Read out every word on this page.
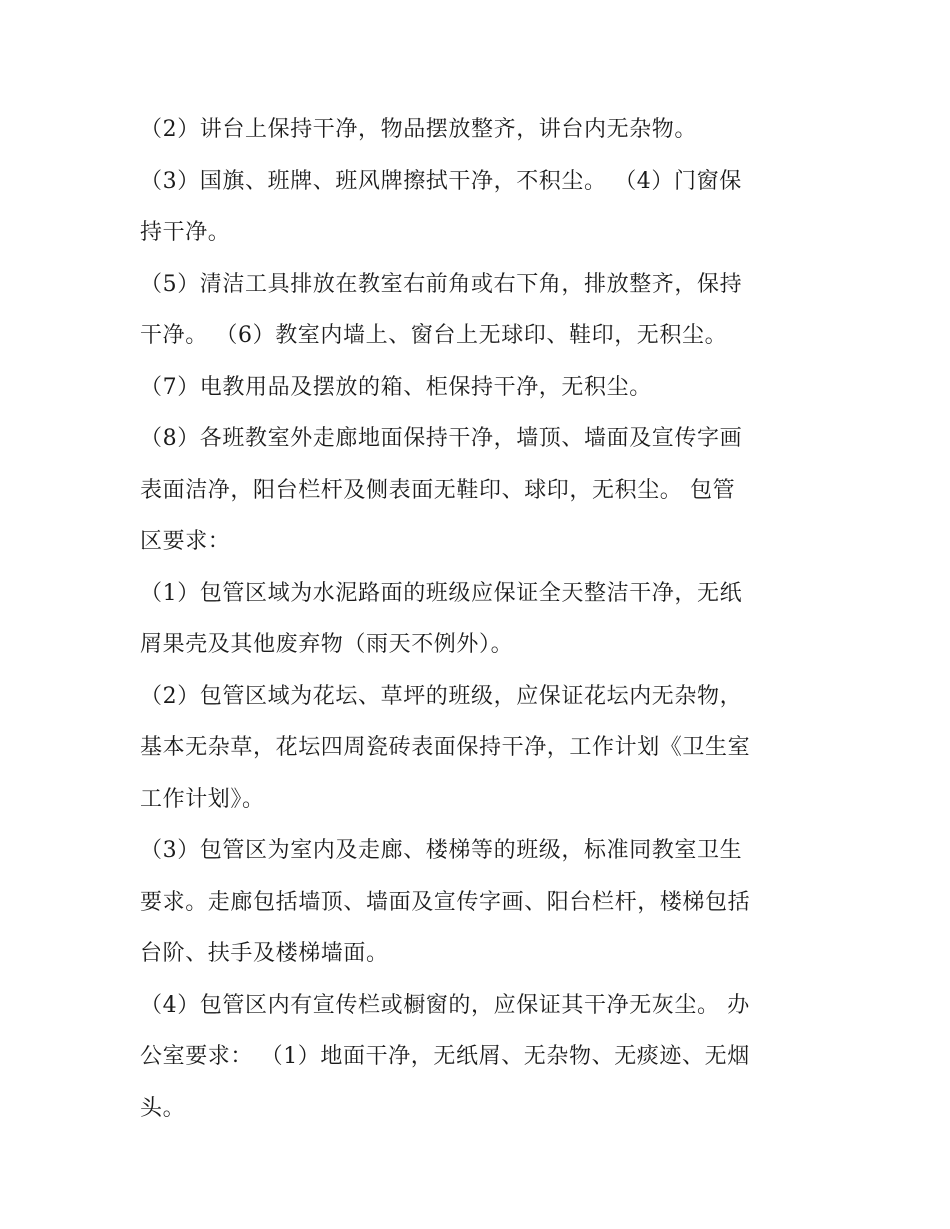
（2）讲台上保持干净，物品摆放整齐，讲台内无杂物。
（3）国旗、班牌、班风牌擦拭干净，不积尘。 （4）门窗保
持干净。
（5）清洁工具排放在教室右前角或右下角，排放整齐，保持
干净。 （6）教室内墙上、窗台上无球印、鞋印，无积尘。
（7）电教用品及摆放的箱、柜保持干净，无积尘。
（8）各班教室外走廊地面保持干净，墙顶、墙面及宣传字画
表面洁净，阳台栏杆及侧表面无鞋印、球印，无积尘。 包管
区要求：
（1）包管区域为水泥路面的班级应保证全天整洁干净，无纸
屑果壳及其他废弃物（雨天不例外）。
（2）包管区域为花坛、草坪的班级，应保证花坛内无杂物，
基本无杂草，花坛四周瓷砖表面保持干净，工作计划《卫生室
工作计划》。
（3）包管区为室内及走廊、楼梯等的班级，标准同教室卫生
要求。走廊包括墙顶、墙面及宣传字画、阳台栏杆，楼梯包括
台阶、扶手及楼梯墙面。
（4）包管区内有宣传栏或橱窗的，应保证其干净无灰尘。 办
公室要求： （1）地面干净，无纸屑、无杂物、无痰迹、无烟
头。
